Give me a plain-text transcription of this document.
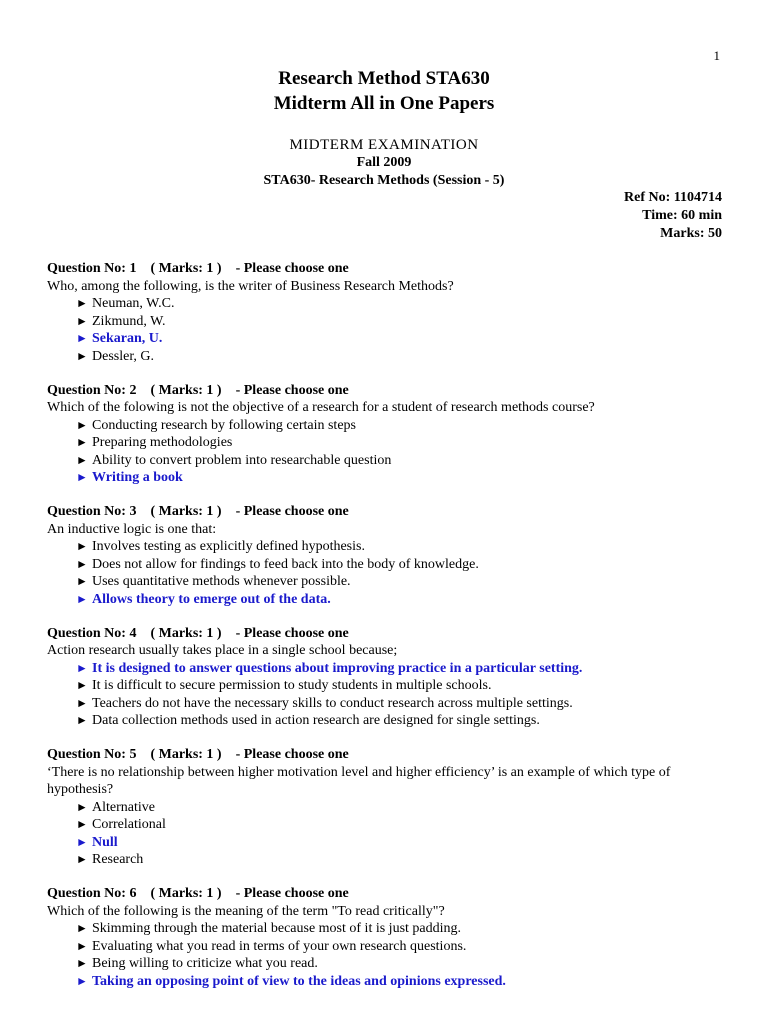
1
Research Method STA630
Midterm All in One Papers
MIDTERM EXAMINATION
Fall 2009
STA630- Research Methods (Session - 5)
Ref No: 1104714
Time: 60 min
Marks: 50
Question No: 1    ( Marks: 1 )    - Please choose one
Who, among the following, is the writer of Business Research Methods?
► Neuman, W.C.
► Zikmund, W.
► Sekaran, U.
► Dessler, G.
Question No: 2    ( Marks: 1 )    - Please choose one
Which of the folowing is not the objective of a research for a student of research methods course?
► Conducting research by following certain steps
► Preparing methodologies
► Ability to convert problem into researchable question
► Writing a book
Question No: 3    ( Marks: 1 )    - Please choose one
An inductive logic is one that:
► Involves testing as explicitly defined hypothesis.
► Does not allow for findings to feed back into the body of knowledge.
► Uses quantitative methods whenever possible.
► Allows theory to emerge out of the data.
Question No: 4    ( Marks: 1 )    - Please choose one
Action research usually takes place in a single school because;
► It is designed to answer questions about improving practice in a particular setting.
► It is difficult to secure permission to study students in multiple schools.
► Teachers do not have the necessary skills to conduct research across multiple settings.
► Data collection methods used in action research are designed for single settings.
Question No: 5    ( Marks: 1 )    - Please choose one
‘There is no relationship between higher motivation level and higher efficiency’ is an example of which type of hypothesis?
► Alternative
► Correlational
► Null
► Research
Question No: 6    ( Marks: 1 )    - Please choose one
Which of the following is the meaning of the term "To read critically"?
► Skimming through the material because most of it is just padding.
► Evaluating what you read in terms of your own research questions.
► Being willing to criticize what you read.
► Taking an opposing point of view to the ideas and opinions expressed.
